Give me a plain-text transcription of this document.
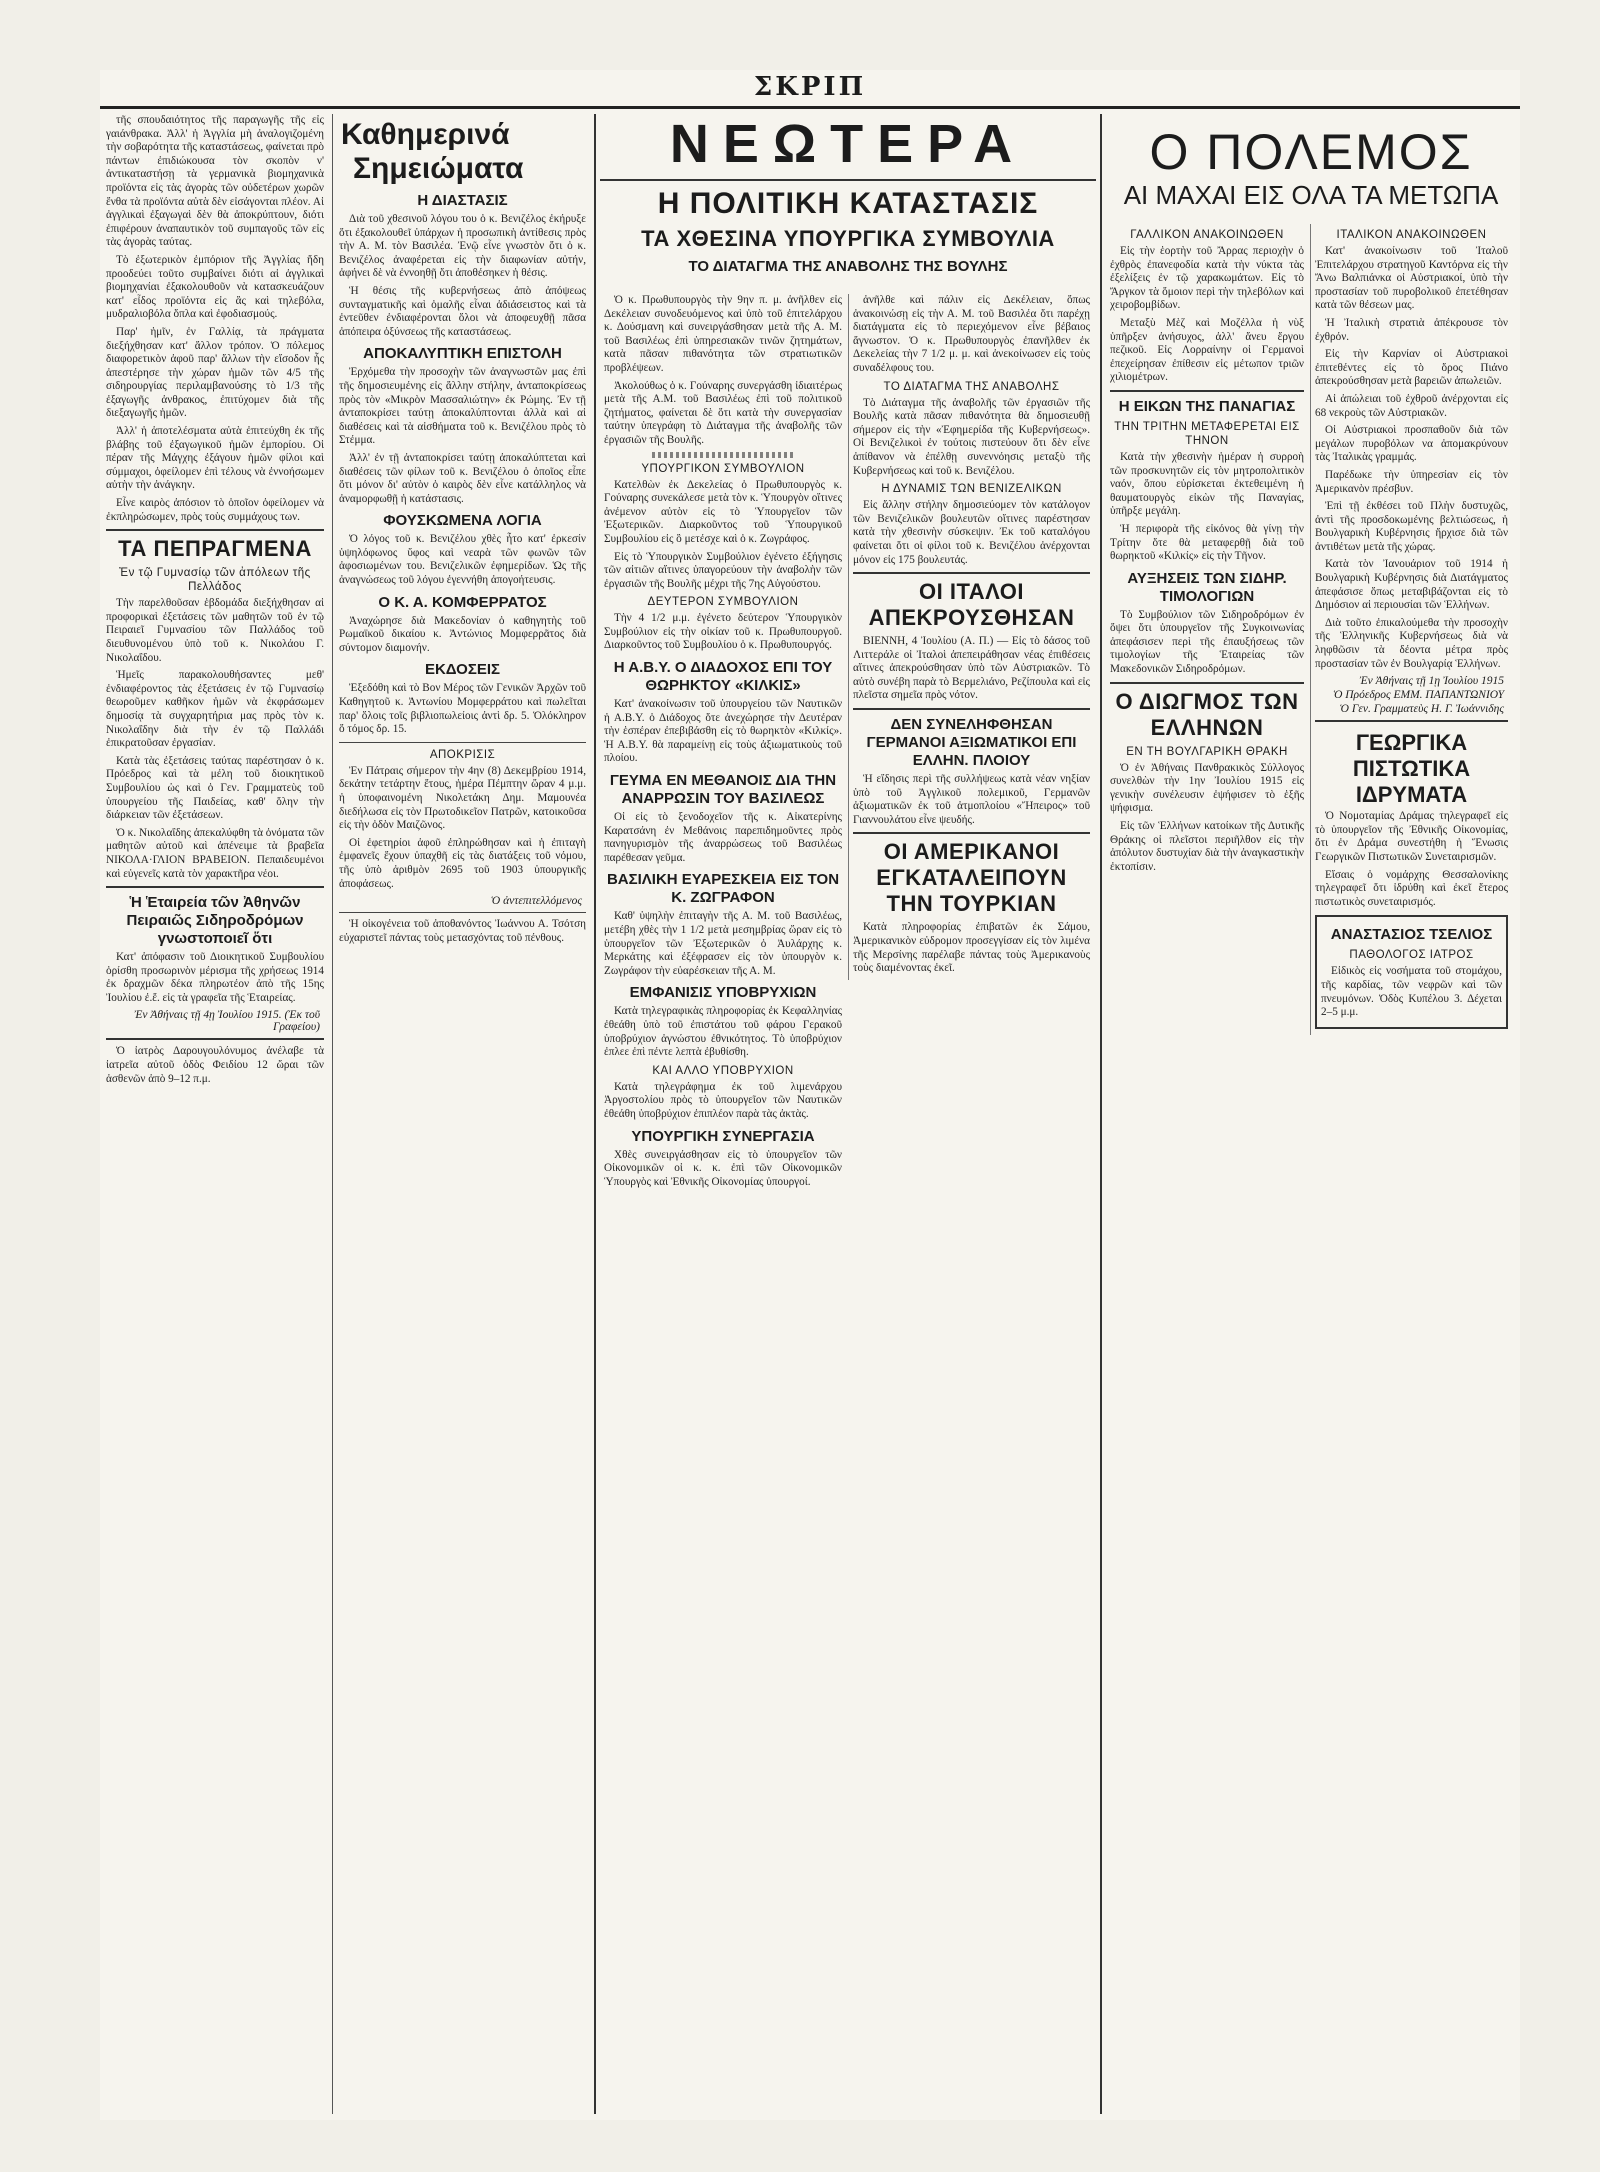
ΣΚΡΙΠ

τῆς σπουδαιότητος τῆς παραγωγῆς τῆς εἰς γαιάνθρακα. Ἀλλ' ἡ Ἀγγλία μὴ ἀναλογιζομένη τὴν σοβαρότητα τῆς καταστάσεως, φαίνεται πρὸ πάντων ἐπιδιώκουσα τὸν σκοπὸν ν' ἀντικαταστήσῃ τὰ γερμανικὰ βιομηχανικὰ προϊόντα εἰς τὰς ἀγορὰς τῶν οὐδετέρων χωρῶν ἔνθα τὰ προϊόντα αὐτὰ δὲν εἰσάγονται πλέον. Αἱ ἀγγλικαὶ ἐξαγωγαὶ δὲν θὰ ἀποκρύπτουν, διότι ἐπιφέρουν ἀναπαυτικὸν τοῦ συμπαγοῦς τῶν εἰς τὰς ἀγορὰς ταύτας.

Τὸ ἐξωτερικὸν ἐμπόριον τῆς Ἀγγλίας ἤδη προοδεύει τοῦτο συμβαίνει διότι αἱ ἀγγλικαὶ βιομηχανίαι ἐξακολουθοῦν νὰ κατασκευάζουν κατ' εἶδος προϊόντα εἰς ἃς καὶ τηλεβόλα, μυδραλιοβόλα ὅπλα καὶ ἐφοδιασμούς.

Παρ' ἡμῖν, ἐν Γαλλίᾳ, τὰ πράγματα διεξήχθησαν κατ' ἄλλον τρόπον. Ὁ πόλεμος διαφορετικὸν ἀφοῦ παρ' ἄλλων τὴν εἴσοδον ἧς ἀπεστέρησε τὴν χώραν ἡμῶν τῶν 4/5 τῆς σιδηρουργίας περιλαμβανούσης τὸ 1/3 τῆς ἐξαγωγῆς ἀνθρακος, ἐπιτύχομεν διὰ τῆς διεξαγωγῆς ἡμῶν.

Ἀλλ' ἡ ἀποτελέσματα αὐτὰ ἐπιτεύχθη ἐκ τῆς βλάβης τοῦ ἐξαγωγικοῦ ἡμῶν ἐμπορίου. Οἱ πέραν τῆς Μάγχης ἐξάγουν ἡμῶν φίλοι καὶ σύμμαχοι, ὀφείλομεν ἐπὶ τέλους νὰ ἐννοήσωμεν αὐτὴν τὴν ἀνάγκην.

Εἶνε καιρὸς ἀπόσιον τὸ ὁποῖον ὀφείλομεν νὰ ἐκπληρώσωμεν, πρὸς τοὺς συμμάχους των.

ΤΑ ΠΕΠΡΑΓΜΕΝΑ
Ἐν τῷ Γυμνασίῳ τῶν ἀπόλεων τῆς Πελλάδος

Τὴν παρελθοῦσαν ἑβδομάδα διεξήχθησαν αἱ προφορικαὶ ἐξετάσεις τῶν μαθητῶν τοῦ ἐν τῷ Πειραιεῖ Γυμνασίου τῶν Παλλάδος τοῦ διευθυνομένου ὑπὸ τοῦ κ. Νικολάου Γ. Νικολαΐδου.

Ἡμεῖς παρακολουθήσαντες μεθ' ἐνδιαφέροντος τὰς ἐξετάσεις ἐν τῷ Γυμνασίῳ θεωροῦμεν καθῆκον ἡμῶν νὰ ἐκφράσωμεν δημοσίᾳ τὰ συγχαρητήρια μας πρὸς τὸν κ. Νικολαΐδην διὰ τὴν ἐν τῷ Παλλάδι ἐπικρατοῦσαν ἐργασίαν.

Κατὰ τὰς ἐξετάσεις ταύτας παρέστησαν ὁ κ. Πρόεδρος καὶ τὰ μέλη τοῦ διοικητικοῦ Συμβουλίου ὡς καὶ ὁ Γεν. Γραμματεὺς τοῦ ὑπουργείου τῆς Παιδείας, καθ' ὅλην τὴν διάρκειαν τῶν ἐξετάσεων.

Ὁ κ. Νικολαΐδης ἀπεκαλύφθη τὰ ὀνόματα τῶν μαθητῶν αὐτοῦ καὶ ἀπένειμε τὰ βραβεῖα ΝΙΚΟΛΑ·ΓΛΙΟΝ ΒΡΑΒΕΙΟΝ. Πεπαιδευμένοι καὶ εὐγενεῖς κατὰ τὸν χαρακτῆρα νέοι.

Ἡ Ἑταιρεία τῶν Ἀθηνῶν Πειραιῶς Σιδηροδρόμων γνωστοποιεῖ ὅτι

Κατ' ἀπόφασιν τοῦ Διοικητικοῦ Συμβουλίου ὁρίσθη προσωρινὸν μέρισμα τῆς χρήσεως 1914 ἐκ δραχμῶν δέκα πληρωτέον ἀπὸ τῆς 15ης Ἰουλίου ἐ.ἔ. εἰς τὰ γραφεῖα τῆς Ἑταιρείας.

Ἐν Ἀθήναις τῇ 4ῃ Ἰουλίου 1915. (Ἐκ τοῦ Γραφείου)

Ὁ ἰατρὸς Δαρουγουλόνυμος ἀνέλαβε τὰ ἰατρεῖα αὐτοῦ ὁδὸς Φειδίου 12 ὥραι τῶν ἀσθενῶν ἀπὸ 9–12 π.μ.

Καθημερινά
Σημειώματα
Η ΔΙΑΣΤΑΣΙΣ

Διὰ τοῦ χθεσινοῦ λόγου του ὁ κ. Βενιζέλος ἐκήρυξε ὅτι ἐξακολουθεῖ ὑπάρχων ἡ προσωπικὴ ἀντίθεσις πρὸς τὴν Α. Μ. τὸν Βασιλέα. Ἐνῷ εἶνε γνωστὸν ὅτι ὁ κ. Βενιζέλος ἀναφέρεται εἰς τὴν διαφωνίαν αὐτήν, ἀφήνει δὲ νὰ ἐννοηθῇ ὅτι ἀποθέσηκεν ἡ θέσις.

Ἡ θέσις τῆς κυβερνήσεως ἀπὸ ἀπόψεως συνταγματικῆς καὶ ὁμαλῆς εἶναι ἀδιάσειστος καὶ τὰ ἐντεῦθεν ἐνδιαφέρονται ὅλοι νὰ ἀποφευχθῇ πᾶσα ἀπόπειρα ὀξύνσεως τῆς καταστάσεως.

ΑΠΟΚΑΛΥΠΤΙΚΗ ΕΠΙΣΤΟΛΗ

Ἐρχόμεθα τὴν προσοχὴν τῶν ἀναγνωστῶν μας ἐπὶ τῆς δημοσιευμένης εἰς ἄλλην στήλην, ἀνταποκρίσεως πρὸς τὸν «Μικρὸν Μασσαλιώτην» ἐκ Ρώμης. Ἐν τῇ ἀνταποκρίσει ταύτῃ ἀποκαλύπτονται ἀλλὰ καὶ αἱ διαθέσεις καὶ τὰ αἰσθήματα τοῦ κ. Βενιζέλου πρὸς τὸ Στέμμα.

Ἀλλ' ἐν τῇ ἀνταποκρίσει ταύτῃ ἀποκαλύπτεται καὶ διαθέσεις τῶν φίλων τοῦ κ. Βενιζέλου ὁ ὁποῖος εἶπε ὅτι μόνον δι' αὐτὸν ὁ καιρὸς δὲν εἶνε κατάλληλος νὰ ἀναμορφωθῇ ἡ κατάστασις.

ΦΟΥΣΚΩΜΕΝΑ ΛΟΓΙΑ

Ὁ λόγος τοῦ κ. Βενιζέλου χθὲς ἦτο κατ' ἐρκεσίν ὑψηλόφωνος ὕφος καὶ νεαρὰ τῶν φωνῶν τῶν ἀφοσιωμένων του. Βενιζελικῶν ἐφημερίδων. Ὡς τῆς ἀναγνώσεως τοῦ λόγου ἐγεννήθη ἀπογοήτευσις.

Ο Κ. Α. ΚΟΜΦΕΡΡΑΤΟΣ

Ἀναχώρησε διὰ Μακεδονίαν ὁ καθηγητὴς τοῦ Ρωμαϊκοῦ δικαίου κ. Ἀντώνιος Μομφερρᾶτος διὰ σύντομον διαμονήν.

ΕΚΔΟΣΕΙΣ

Ἐξεδόθη καὶ τὸ Βον Μέρος τῶν Γενικῶν Ἀρχῶν τοῦ Καθηγητοῦ κ. Ἀντωνίου Μομφερράτου καὶ πωλεῖται παρ' ὅλοις τοῖς βιβλιοπωλείοις ἀντὶ δρ. 5. Ὁλόκληρον ὅ τόμος δρ. 15.

ΑΠΟΚΡΙΣΙΣ

Ἐν Πάτραις σήμερον τὴν 4ην (8) Δεκεμβρίου 1914, δεκάτην τετάρτην ἔτους, ἡμέρα Πέμπτην ὥραν 4 μ.μ. ἡ ὑποφαινομένη Νικολετάκη Δημ. Μαμουνέα διεδήλωσα εἰς τὸν Πρωτοδικεῖον Πατρῶν, κατοικοῦσα εἰς τὴν ὁδὸν Μαιζῶνος.

Οἱ ἐφετηρίοι ἀφοῦ ἐπληρώθησαν καὶ ἡ ἐπιταγὴ ἐμφανεῖς ἔχουν ὑπαχθῆ εἰς τὰς διατάξεις τοῦ νόμου, τῆς ὑπὸ ἀριθμὸν 2695 τοῦ 1903 ὑπουργικῆς ἀποφάσεως.

Ὁ ἀντεπιτελλόμενος

Ἡ οἰκογένεια τοῦ ἀποθανόντος Ἰωάννου Α. Τσότση εὐχαριστεῖ πάντας τοὺς μετασχόντας τοῦ πένθους.

ΝΕΩΤΕΡΑ
Η ΠΟΛΙΤΙΚΗ ΚΑΤΑΣΤΑΣΙΣ
ΤΑ ΧΘΕΣΙΝΑ ΥΠΟΥΡΓΙΚΑ ΣΥΜΒΟΥΛΙΑ
ΤΟ ΔΙΑΤΑΓΜΑ ΤΗΣ ΑΝΑΒΟΛΗΣ ΤΗΣ ΒΟΥΛΗΣ

Ὁ κ. Πρωθυπουργὸς τὴν 9ην π. μ. ἀνῆλθεν εἰς Δεκέλειαν συνοδευόμενος καὶ ὑπὸ τοῦ ἐπιτελάρχου κ. Δούσμανη καὶ συνειργάσθησαν μετὰ τῆς Α. Μ. τοῦ Βασιλέως ἐπὶ ὑπηρεσιακῶν τινῶν ζητημάτων, κατὰ πᾶσαν πιθανότητα τῶν στρατιωτικῶν προβλέψεων.

Ἀκολούθως ὁ κ. Γούναρης συνεργάσθη ἰδιαιτέρως μετὰ τῆς Α.Μ. τοῦ Βασιλέως ἐπὶ τοῦ πολιτικοῦ ζητήματος, φαίνεται δὲ ὅτι κατὰ τὴν συνεργασίαν ταύτην ὑπεγράφη τὸ Διάταγμα τῆς ἀναβολῆς τῶν ἐργασιῶν τῆς Βουλῆς.

ΥΠΟΥΡΓΙΚΟΝ ΣΥΜΒΟΥΛΙΟΝ

Κατελθὼν ἐκ Δεκελείας ὁ Πρωθυπουργὸς κ. Γούναρης συνεκάλεσε μετὰ τὸν κ. Ὑπουργὸν οἵτινες ἀνέμενον αὐτὸν εἰς τὸ Ὑπουργεῖον τῶν Ἐξωτερικῶν. Διαρκοῦντος τοῦ Ὑπουργικοῦ Συμβουλίου εἰς ὃ μετέσχε καὶ ὁ κ. Ζωγράφος.

Εἰς τὸ Ὑπουργικὸν Συμβούλιον ἐγένετο ἐξήγησις τῶν αἰτιῶν αἵτινες ὑπαγορεύουν τὴν ἀναβολὴν τῶν ἐργασιῶν τῆς Βουλῆς μέχρι τῆς 7ης Αὐγούστου.

ΔΕΥΤΕΡΟΝ ΣΥΜΒΟΥΛΙΟΝ

Τὴν 4 1/2 μ.μ. ἐγένετο δεύτερον Ὑπουργικὸν Συμβούλιον εἰς τὴν οἰκίαν τοῦ κ. Πρωθυπουργοῦ. Διαρκοῦντος τοῦ Συμβουλίου ὁ κ. Πρωθυπουργός.

Η Α.Β.Υ. Ο ΔΙΑΔΟΧΟΣ ΕΠΙ ΤΟΥ ΘΩΡΗΚΤΟΥ «ΚΙΛΚΙΣ»

Κατ' ἀνακοίνωσιν τοῦ ὑπουργείου τῶν Ναυτικῶν ἡ Α.Β.Υ. ὁ Διάδοχος ὅτε ἀνεχώρησε τὴν Δευτέραν τὴν ἑσπέραν ἐπεβιβάσθη εἰς τὸ θωρηκτὸν «Κιλκίς». Ἡ Α.Β.Υ. θὰ παραμείνῃ εἰς τοὺς ἀξιωματικοὺς τοῦ πλοίου.

ΓΕΥΜΑ ΕΝ ΜΕΘΑΝΟΙΣ ΔΙΑ ΤΗΝ ΑΝΑΡΡΩΣΙΝ ΤΟΥ ΒΑΣΙΛΕΩΣ

Οἱ εἰς τὸ ξενοδοχεῖον τῆς κ. Αἰκατερίνης Καρατσάνη ἐν Μεθάνοις παρεπιδημοῦντες πρὸς πανηγυρισμὸν τῆς ἀναρρώσεως τοῦ Βασιλέως παρέθεσαν γεῦμα.

ΒΑΣΙΛΙΚΗ ΕΥΑΡΕΣΚΕΙΑ ΕΙΣ ΤΟΝ Κ. ΖΩΓΡΑΦΟΝ

Καθ' ὑψηλὴν ἐπιταγὴν τῆς Α. Μ. τοῦ Βασιλέως, μετέβη χθὲς τὴν 1 1/2 μετὰ μεσημβρίας ὥραν εἰς τὸ ὑπουργεῖον τῶν Ἐξωτερικῶν ὁ Ἀυλάρχης κ. Μερκάτης καὶ ἐξέφρασεν εἰς τὸν ὑπουργὸν κ. Ζωγράφον τὴν εὐαρέσκειαν τῆς Α. Μ.

ΕΜΦΑΝΙΣΙΣ ΥΠΟΒΡΥΧΙΩΝ

Κατὰ τηλεγραφικὰς πληροφορίας ἐκ Κεφαλληνίας ἐθεάθη ὑπὸ τοῦ ἐπιστάτου τοῦ φάρου Γερακοῦ ὑποβρύχιον ἀγνώστου ἐθνικότητος. Τὸ ὑποβρύχιον ἐπλεε ἐπὶ πέντε λεπτὰ ἐβυθίσθη.

ΚΑΙ ΑΛΛΟ ΥΠΟΒΡΥΧΙΟΝ

Κατὰ τηλεγράφημα ἐκ τοῦ λιμενάρχου Ἀργοστολίου πρὸς τὸ ὑπουργεῖον τῶν Ναυτικῶν ἐθεάθη ὑποβρύχιον ἐπιπλέον παρὰ τὰς ἀκτὰς.

ΥΠΟΥΡΓΙΚΗ ΣΥΝΕΡΓΑΣΙΑ

Χθὲς συνειργάσθησαν εἰς τὸ ὑπουργεῖον τῶν Οἰκονομικῶν οἱ κ. κ. ἐπὶ τῶν Οἰκονομικῶν Ὑπουργὸς καὶ Ἐθνικῆς Οἰκονομίας ὑπουργοί.

ἀνῆλθε καὶ πάλιν εἰς Δεκέλειαν, ὅπως ἀνακοινώσῃ εἰς τὴν Α. Μ. τοῦ Βασιλέα ὅτι παρέχῃ διατάγματα εἰς τὸ περιεχόμενον εἶνε βέβαιος ἄγνωστον. Ὁ κ. Πρωθυπουργὸς ἐπανῆλθεν ἐκ Δεκελείας τὴν 7 1/2 μ. μ. καὶ ἀνεκοίνωσεν εἰς τοὺς συναδέλφους του.

ΤΟ ΔΙΑΤΑΓΜΑ ΤΗΣ ΑΝΑΒΟΛΗΣ

Τὸ Διάταγμα τῆς ἀναβολῆς τῶν ἐργασιῶν τῆς Βουλῆς κατὰ πᾶσαν πιθανότητα θὰ δημοσιευθῇ σήμερον εἰς τὴν «Ἐφημερίδα τῆς Κυβερνήσεως». Οἱ Βενιζελικοὶ ἐν τούτοις πιστεύουν ὅτι δὲν εἶνε ἀπίθανον νὰ ἐπέλθῃ συνεννόησις μεταξὺ τῆς Κυβερνήσεως καὶ τοῦ κ. Βενιζέλου.

Η ΔΥΝΑΜΙΣ ΤΩΝ ΒΕΝΙΖΕΛΙΚΩΝ

Εἰς ἄλλην στήλην δημοσιεύομεν τὸν κατάλογον τῶν Βενιζελικῶν βουλευτῶν οἵτινες παρέστησαν κατὰ τὴν χθεσινὴν σύσκεψιν. Ἐκ τοῦ καταλόγου φαίνεται ὅτι οἱ φίλοι τοῦ κ. Βενιζέλου ἀνέρχονται μόνον εἰς 175 βουλευτάς.

ΟΙ ΙΤΑΛΟΙ ΑΠΕΚΡΟΥΣΘΗΣΑΝ

ΒΙΕΝΝΗ, 4 Ἰουλίου (Α. Π.) — Εἰς τὸ δάσος τοῦ Λιττεράλε οἱ Ἰταλοὶ ἀπεπειράθησαν νέας ἐπιθέσεις αἵτινες ἀπεκρούσθησαν ὑπὸ τῶν Αὐστριακῶν. Τὸ αὐτὸ συνέβη παρὰ τὸ Βερμελιάνο, Ρεζίπουλα καὶ εἰς πλεῖστα σημεῖα πρὸς νότον.

ΔΕΝ ΣΥΝΕΛΗΦΘΗΣΑΝ ΓΕΡΜΑΝΟΙ ΑΞΙΩΜΑΤΙΚΟΙ ΕΠΙ ΕΛΛΗΝ. ΠΛΟΙΟΥ

Ἡ εἴδησις περὶ τῆς συλλήψεως κατὰ νέαν νηξίαν ὑπὸ τοῦ Ἀγγλικοῦ πολεμικοῦ, Γερμανῶν ἀξιωματικῶν ἐκ τοῦ ἀτμοπλοίου «Ἤπειρος» τοῦ Γιαννουλάτου εἶνε ψευδής.

ΟΙ ΑΜΕΡΙΚΑΝΟΙ ΕΓΚΑΤΑΛΕΙΠΟΥΝ ΤΗΝ ΤΟΥΡΚΙΑΝ

Κατὰ πληροφορίας ἐπιβατῶν ἐκ Σάμου, Ἀμερικανικὸν εὐδρομον προσεγγίσαν εἰς τὸν λιμένα τῆς Μερσίνης παρέλαβε πάντας τοὺς Ἀμερικανοὺς τοὺς διαμένοντας ἐκεῖ.

Ο ΠΟΛΕΜΟΣ
ΑΙ ΜΑΧΑΙ ΕΙΣ ΟΛΑ ΤΑ ΜΕΤΩΠΑ
ΓΑΛΛΙΚΟΝ ΑΝΑΚΟΙΝΩΘΕΝ

Εἰς τὴν ἑορτὴν τοῦ Ἄρρας περιοχὴν ὁ ἐχθρὸς ἐπανεφοδία κατὰ τὴν νύκτα τὰς ἐξελίξεις ἐν τῷ χαρακωμάτων. Εἰς τὸ Ἄργκον τὰ ὅμοιον περὶ τὴν τηλεβόλων καὶ χειροβομβίδων.

Μεταξὺ Μὲζ καὶ Μοζέλλα ἡ νὺξ ὑπῆρξεν ἀνήσυχος, ἀλλ' ἄνευ ἔργου πεζικοῦ. Εἰς Λορραίνην οἱ Γερμανοὶ ἐπεχείρησαν ἐπίθεσιν εἰς μέτωπον τριῶν χιλιομέτρων.

Η ΕΙΚΩΝ ΤΗΣ ΠΑΝΑΓΙΑΣ
ΤΗΝ ΤΡΙΤΗΝ ΜΕΤΑΦΕΡΕΤΑΙ ΕΙΣ ΤΗΝΟΝ

Κατὰ τὴν χθεσινὴν ἡμέραν ἡ συρροὴ τῶν προσκυνητῶν εἰς τὸν μητροπολιτικὸν ναόν, ὅπου εὑρίσκεται ἐκτεθειμένη ἡ θαυματουργὸς εἰκὼν τῆς Παναγίας, ὑπῆρξε μεγάλη.

Ἡ περιφορὰ τῆς εἰκόνος θὰ γίνῃ τὴν Τρίτην ὅτε θὰ μεταφερθῇ διὰ τοῦ θωρηκτοῦ «Κιλκίς» εἰς τὴν Τῆνον.

ΑΥΞΗΣΕΙΣ ΤΩΝ ΣΙΔΗΡ. ΤΙΜΟΛΟΓΙΩΝ

Τὸ Συμβούλιον τῶν Σιδηροδρόμων ἐν ὄψει ὅτι ὑπουργεῖον τῆς Συγκοινωνίας ἀπεφάσισεν περὶ τῆς ἐπαυξήσεως τῶν τιμολογίων τῆς Ἑταιρείας τῶν Μακεδονικῶν Σιδηροδρόμων.

Ο ΔΙΩΓΜΟΣ ΤΩΝ ΕΛΛΗΝΩΝ
ΕΝ ΤΗ ΒΟΥΛΓΑΡΙΚΗ ΘΡΑΚΗ

Ὁ ἐν Ἀθήναις Πανθρακικὸς Σύλλογος συνελθὼν τὴν 1ην Ἰουλίου 1915 εἰς γενικὴν συνέλευσιν ἐψήφισεν τὸ ἑξῆς ψήφισμα.

Εἰς τῶν Ἑλλήνων κατοίκων τῆς Δυτικῆς Θράκης οἱ πλεῖστοι περιῆλθον εἰς τὴν ἀπόλυτον δυστυχίαν διὰ τὴν ἀναγκαστικὴν ἐκτοπίσιν.

ΙΤΑΛΙΚΟΝ ΑΝΑΚΟΙΝΩΘΕΝ

Κατ' ἀνακοίνωσιν τοῦ Ἰταλοῦ Ἐπιτελάρχου στρατηγοῦ Καντόρνα εἰς τὴν Ἄνω Βαλπιάνκα οἱ Αὐστριακοί, ὑπὸ τὴν προστασίαν τοῦ πυροβολικοῦ ἐπετέθησαν κατὰ τῶν θέσεων μας.

Ἡ Ἰταλικὴ στρατιὰ ἀπέκρουσε τὸν ἐχθρόν.

Εἰς τὴν Καρνίαν οἱ Αὐστριακοὶ ἐπιτεθέντες εἰς τὸ ὄρος Πιάνο ἀπεκρούσθησαν μετὰ βαρειῶν ἀπωλειῶν.

Αἱ ἀπώλειαι τοῦ ἐχθροῦ ἀνέρχονται εἰς 68 νεκροὺς τῶν Αὐστριακῶν.

Οἱ Αὐστριακοὶ προσπαθοῦν διὰ τῶν μεγάλων πυροβόλων να ἀπομακρύνουν τὰς Ἰταλικὰς γραμμάς.

Παρέδωκε τὴν ὑπηρεσίαν εἰς τὸν Ἀμερικανὸν πρέσβυν.

Ἐπὶ τῇ ἐκθέσει τοῦ Πλὴν δυστυχῶς, ἀντὶ τῆς προσδοκωμένης βελτιώσεως, ἡ Βουλγαρικὴ Κυβέρνησις ἤρχισε διὰ τῶν ἀντιθέτων μετὰ τῆς χώρας.

Κατὰ τὸν Ἰανουάριον τοῦ 1914 ἡ Βουλγαρικὴ Κυβέρνησις διὰ Διατάγματος ἀπεφάσισε ὅπως μεταβιβάζονται εἰς τὸ Δημόσιον αἱ περιουσίαι τῶν Ἑλλήνων.

Διὰ τοῦτο ἐπικαλούμεθα τὴν προσοχὴν τῆς Ἑλληνικῆς Κυβερνήσεως διὰ νὰ ληφθῶσιν τὰ δέοντα μέτρα πρὸς προστασίαν τῶν ἐν Βουλγαρίᾳ Ἑλλήνων.

Ἐν Ἀθήναις τῇ 1ῃ Ἰουλίου 1915
Ὁ Πρόεδρος ΕΜΜ. ΠΑΠΑΝΤΩΝΙΟΥ
Ὁ Γεν. Γραμματεὺς Η. Γ. Ἰωάννιδης
ΓΕΩΡΓΙΚΑ ΠΙΣΤΩΤΙΚΑ ΙΔΡΥΜΑΤΑ

Ὁ Νομοταμίας Δράμας τηλεγραφεῖ εἰς τὸ ὑπουργεῖον τῆς Ἐθνικῆς Οἰκονομίας, ὅτι ἐν Δράμα συνεστήθη ἡ Ἕνωσις Γεωργικῶν Πιστωτικῶν Συνεταιρισμῶν.

Εἴσαις ὁ νομάρχης Θεσσαλονίκης τηλεγραφεῖ ὅτι ἱδρύθη καὶ ἐκεῖ ἕτερος πιστωτικὸς συνεταιρισμός.

ΑΝΑΣΤΑΣΙΟΣ ΤΣΕΛΙΟΣ
ΠΑΘΟΛΟΓΟΣ ΙΑΤΡΟΣ

Εἰδικὸς εἰς νοσήματα τοῦ στομάχου, τῆς καρδίας, τῶν νεφρῶν καὶ τῶν πνευμόνων. Ὁδὸς Κυπέλου 3. Δέχεται 2–5 μ.μ.
